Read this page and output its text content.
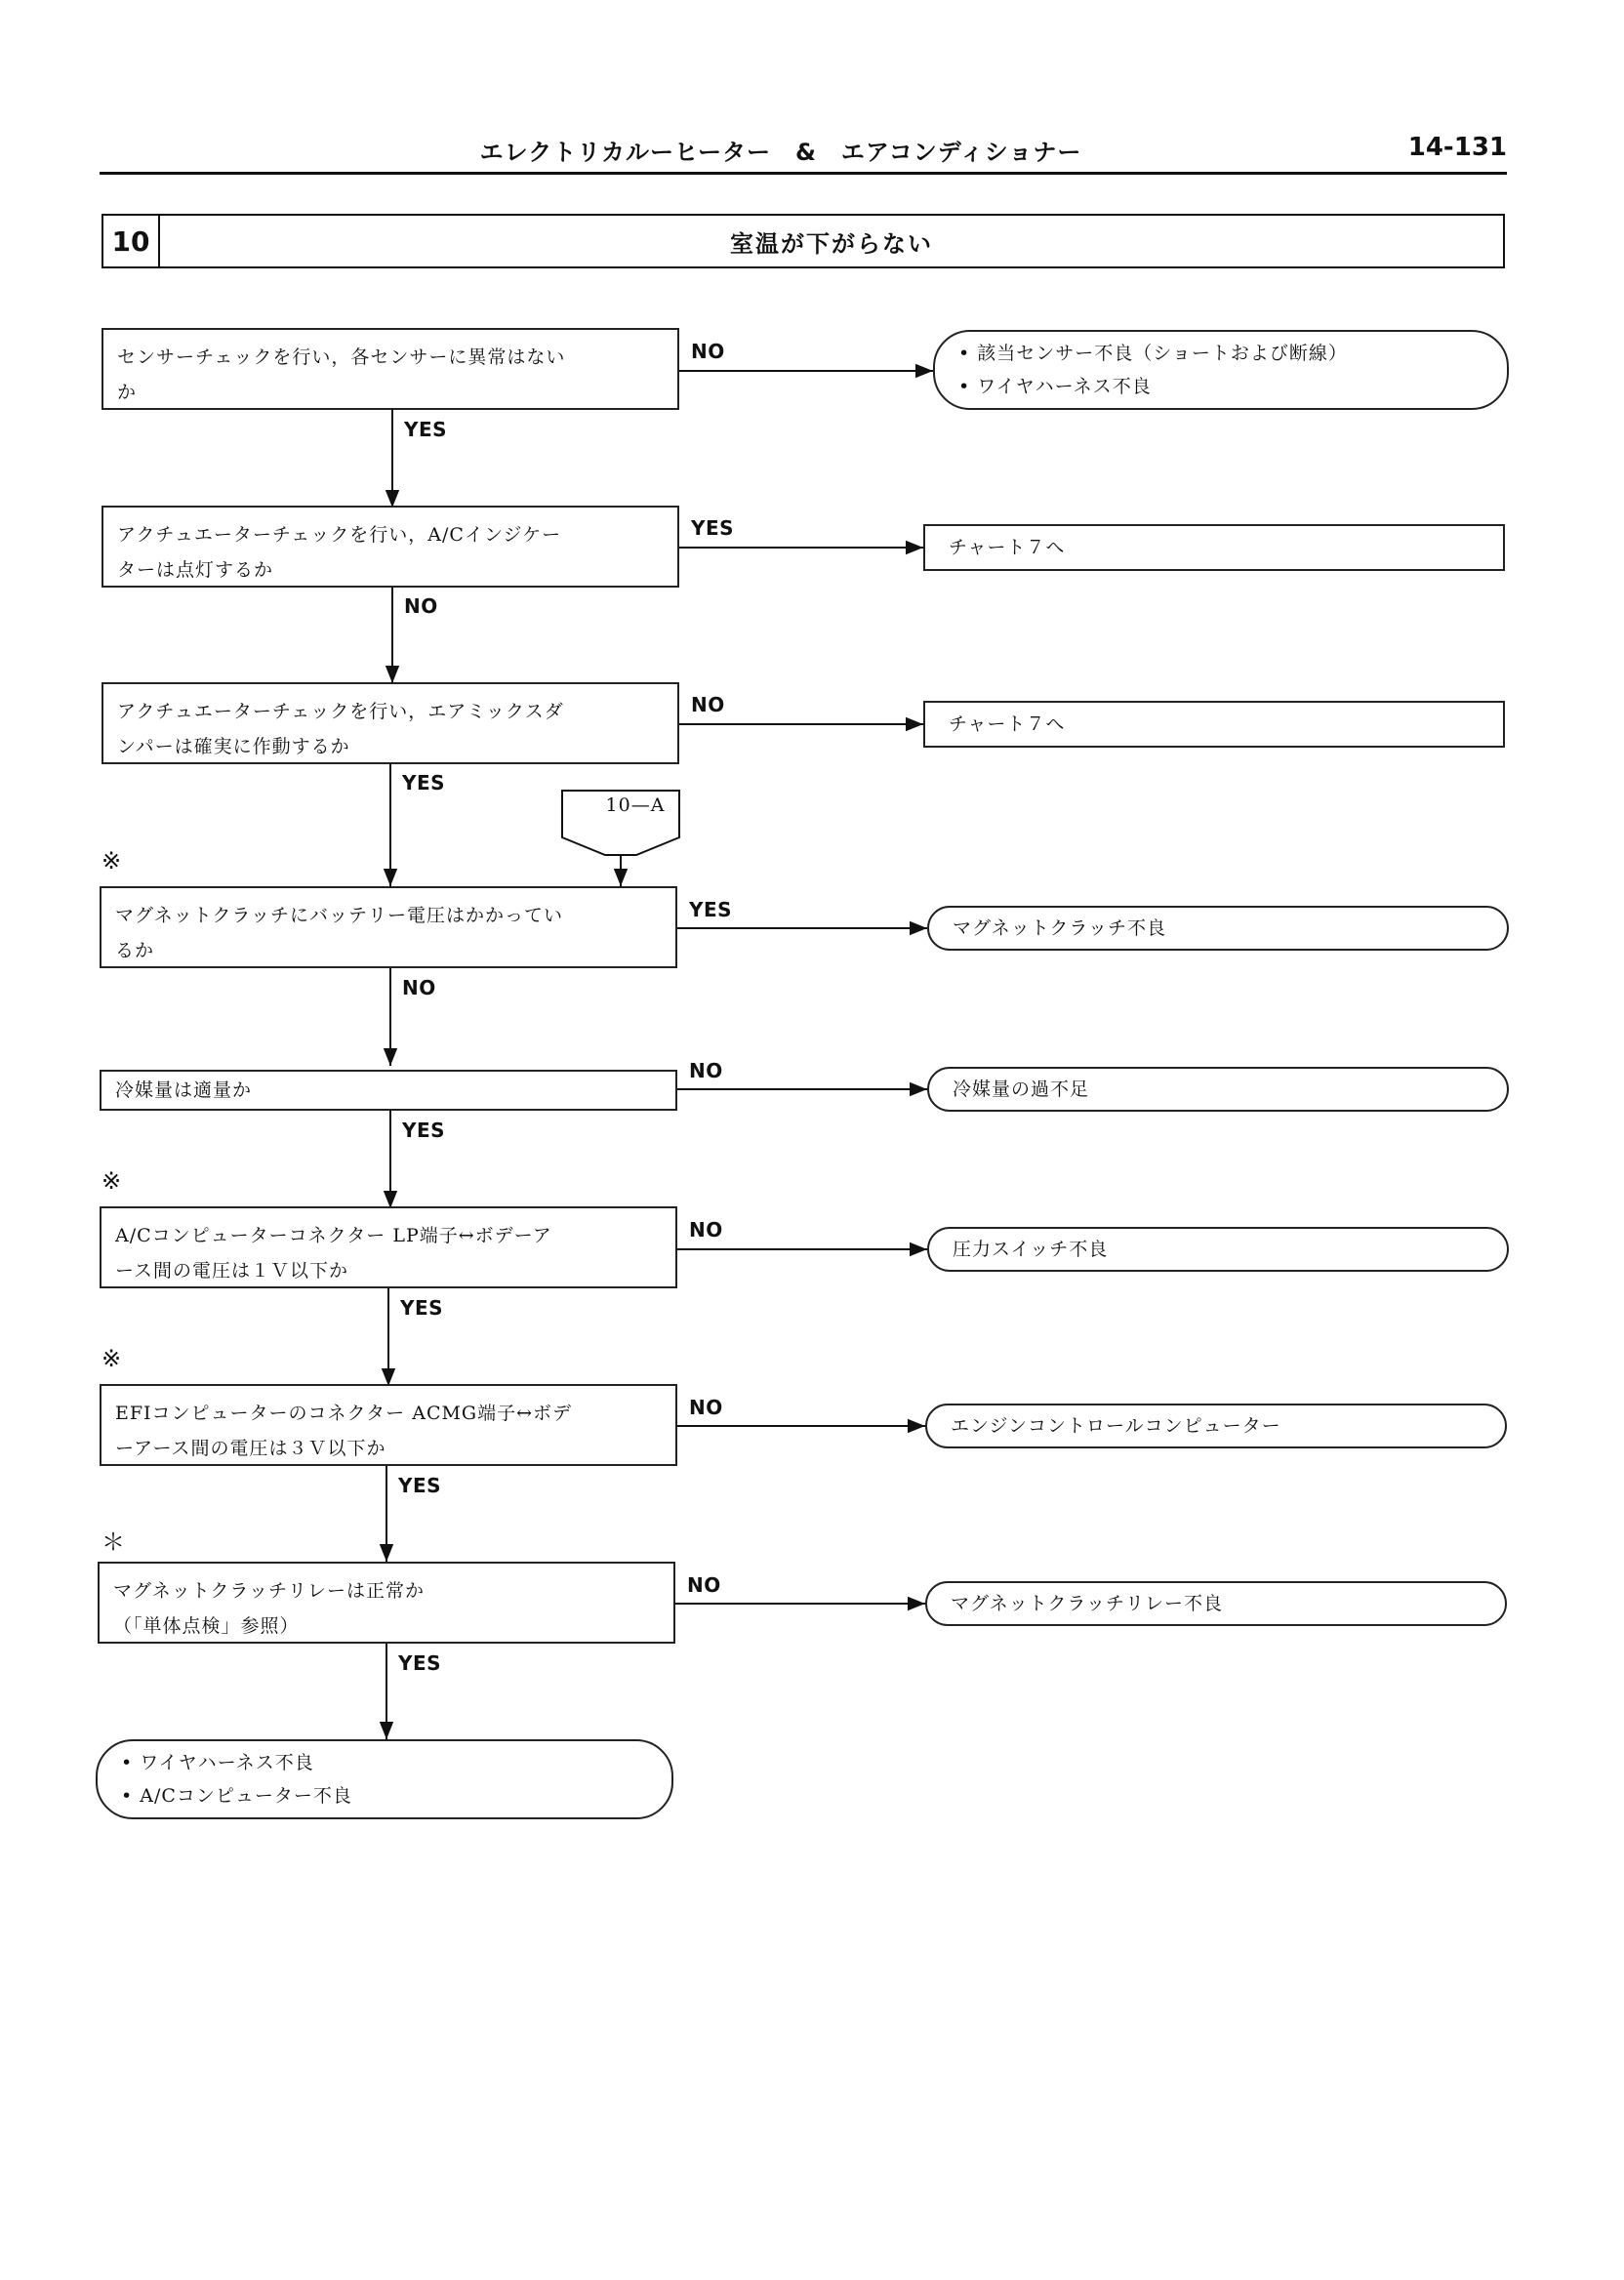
エレクトリカルーヒーター　&　エアコンディショナー	14-131
10	室温が下がらない
10—A
センサーチェックを行い，各センサーに異常はない
か
アクチュエーターチェックを行い，A/Cインジケー
ターは点灯するか
アクチュエーターチェックを行い，エアミックスダ
ンパーは確実に作動するか
マグネットクラッチにバッテリー電圧はかかってい
るか
冷媒量は適量か
A/Cコンピューターコネクター LP端子↔ボデーア
ース間の電圧は１Ｖ以下か
EFIコンピューターのコネクター ACMG端子↔ボデ
ーアース間の電圧は３Ｖ以下か
マグネットクラッチリレーは正常か
（「単体点検」参照）
NO
YES
NO
YES
NO
NO
NO
NO
YES
NO
YES
NO
YES
YES
YES
YES
※
※
※
＊
• 該当センサー不良（ショートおよび断線）
• ワイヤハーネス不良
チャート７へ
チャート７へ
マグネットクラッチ不良
冷媒量の過不足
圧力スイッチ不良
エンジンコントロールコンピューター
マグネットクラッチリレー不良
• ワイヤハーネス不良
• A/Cコンピューター不良
